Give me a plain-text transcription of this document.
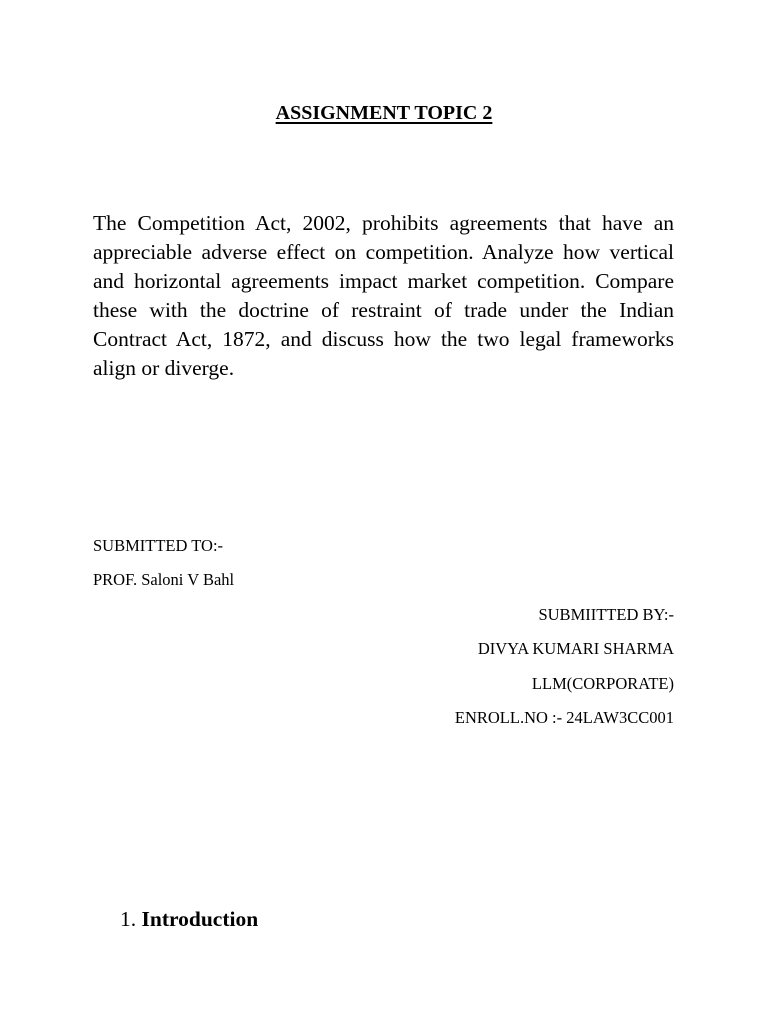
ASSIGNMENT TOPIC 2

The Competition Act, 2002, prohibits agreements that have an appreciable adverse effect on competition. Analyze how vertical and horizontal agreements impact market competition. Compare these with the doctrine of restraint of trade under the Indian Contract Act, 1872, and discuss how the two legal frameworks align or diverge.

SUBMITTED TO:-
PROF. Saloni V Bahl
SUBMIITTED BY:-
DIVYA KUMARI SHARMA
LLM(CORPORATE)
ENROLL.NO :- 24LAW3CC001
1. Introduction
